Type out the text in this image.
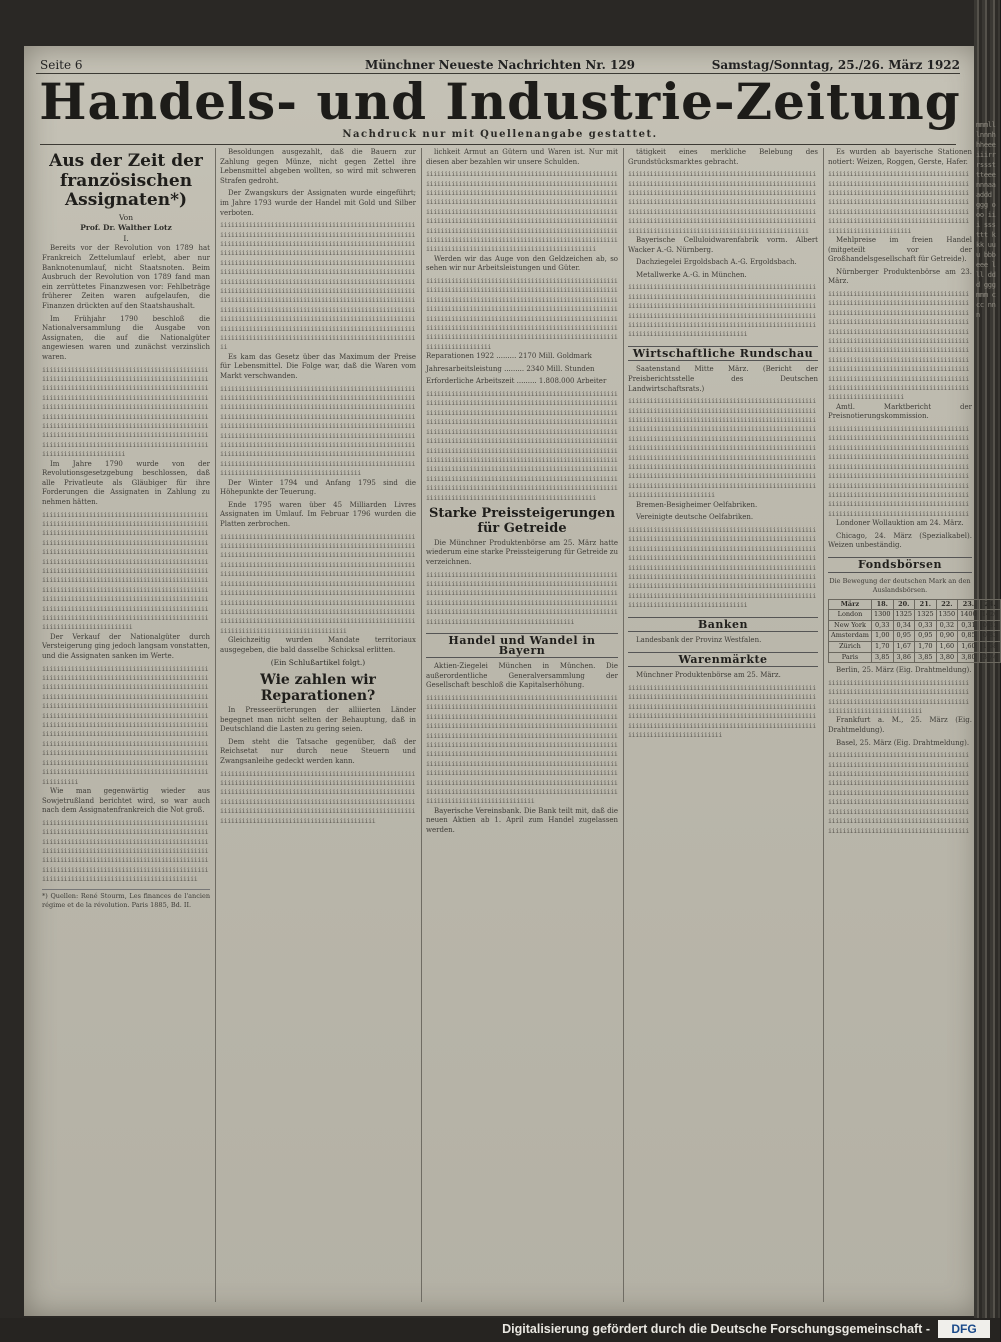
mmmlllnnnhhheeeiiirrrsssttteeennnaaaddd ggg ooo iii sss ttt kkk uuu bbb eee lll ddd ggg mmm ccc nnn
Seite 6	Münchner Neueste Nachrichten Nr. 129	Samstag/Sonntag, 25./26. März 1922
Handels- und Industrie-Zeitung
Nachdruck nur mit Quellenangabe gestattet.
Aus der Zeit der französischen Assignaten*)
Von
Prof. Dr. Walther Lotz
I.

Bereits vor der Revolution von 1789 hat Frankreich Zettelumlauf erlebt, aber nur Banknotenumlauf, nicht Staatsnoten. Beim Ausbruch der Revolution von 1789 fand man ein zerrüttetes Finanzwesen vor: Fehlbeträge früherer Zeiten waren aufgelaufen, die Finanzen drückten auf den Staatshaushalt.

Im Frühjahr 1790 beschloß die Nationalversammlung die Ausgabe von Assignaten, die auf die Nationalgüter angewiesen waren und zunächst verzinslich waren.

iiiiiiiiiiiiiiiiiiiiiiiiiiiiiiiiiiiiiiiiiiiiiiiiiiiiiiiiiiiiiiiiiiiiiiiiiiiiiiiiiiiiiiiiiiiiiiiiiiiiiiiiiiiiiiiiiiiiiiiiiiiiiiiiiiiiiiiiiiiiiiiiiiiiiiiiiiiiiiiiiiiiiiiiiiiiiiiiiiiiiiiiiiiiiiiiiiiiiiiiiiiiiiiiiiiiiiiiiiiiiiiiiiiiiiiiiiiiiiiiiiiiiiiiiiiiiiiiiiiiiiiiiiiiiiiiiiiiiiiiiiiiiiiiiiiiiiiiiiiiiiiiiiiiiiiiiiiiiiiiiiiiiiiiiiiiiiiiiiiiiiiiiiiiiiiiiiiiiiiiiiiiiiiiiiiiiiiiiiiiiiiiiiiiiiiiiiiiiiiiiiiiiiiiiiiiiiiiiiiiiiiiiiiiiiiiiiiii

Im Jahre 1790 wurde von der Revolutionsgesetzgebung beschlossen, daß alle Privatleute als Gläubiger für ihre Forderungen die Assignaten in Zahlung zu nehmen hätten.

iiiiiiiiiiiiiiiiiiiiiiiiiiiiiiiiiiiiiiiiiiiiiiiiiiiiiiiiiiiiiiiiiiiiiiiiiiiiiiiiiiiiiiiiiiiiiiiiiiiiiiiiiiiiiiiiiiiiiiiiiiiiiiiiiiiiiiiiiiiiiiiiiiiiiiiiiiiiiiiiiiiiiiiiiiiiiiiiiiiiiiiiiiiiiiiiiiiiiiiiiiiiiiiiiiiiiiiiiiiiiiiiiiiiiiiiiiiiiiiiiiiiiiiiiiiiiiiiiiiiiiiiiiiiiiiiiiiiiiiiiiiiiiiiiiiiiiiiiiiiiiiiiiiiiiiiiiiiiiiiiiiiiiiiiiiiiiiiiiiiiiiiiiiiiiiiiiiiiiiiiiiiiiiiiiiiiiiiiiiiiiiiiiiiiiiiiiiiiiiiiiiiiiiiiiiiiiiiiiiiiiiiiiiiiiiiiiiiiiiiiiiiiiiiiiiiiiiiiiiiiiiiiiiiiiiiiiiiiiiiiiiiiiiiiiiiiiiiiiiiiiiiiiiiiiiiiiiiiiiiiiiiiiiiiiiiiiiiiiiiiiiiiiiiiiiiiiiiiiiiiiiiiiiiiiiiiiiii

Der Verkauf der Nationalgüter durch Versteigerung ging jedoch langsam vonstatten, und die Assignaten sanken im Werte.

iiiiiiiiiiiiiiiiiiiiiiiiiiiiiiiiiiiiiiiiiiiiiiiiiiiiiiiiiiiiiiiiiiiiiiiiiiiiiiiiiiiiiiiiiiiiiiiiiiiiiiiiiiiiiiiiiiiiiiiiiiiiiiiiiiiiiiiiiiiiiiiiiiiiiiiiiiiiiiiiiiiiiiiiiiiiiiiiiiiiiiiiiiiiiiiiiiiiiiiiiiiiiiiiiiiiiiiiiiiiiiiiiiiiiiiiiiiiiiiiiiiiiiiiiiiiiiiiiiiiiiiiiiiiiiiiiiiiiiiiiiiiiiiiiiiiiiiiiiiiiiiiiiiiiiiiiiiiiiiiiiiiiiiiiiiiiiiiiiiiiiiiiiiiiiiiiiiiiiiiiiiiiiiiiiiiiiiiiiiiiiiiiiiiiiiiiiiiiiiiiiiiiiiiiiiiiiiiiiiiiiiiiiiiiiiiiiiiiiiiiiiiiiiiiiiiiiiiiiiiiiiiiiiiiiiiiiiiiiiiiiiiiiiiiiiiiiiiiiiiiiiiiiiiiiiiiiiiiiiiiiiiiiiiiiiiiiiiiiiiiiiiiiiiiiiiiiiiiiiiii

Wie man gegenwärtig wieder aus Sowjetrußland berichtet wird, so war auch nach dem Assignatenfrankreich die Not groß.

iiiiiiiiiiiiiiiiiiiiiiiiiiiiiiiiiiiiiiiiiiiiiiiiiiiiiiiiiiiiiiiiiiiiiiiiiiiiiiiiiiiiiiiiiiiiiiiiiiiiiiiiiiiiiiiiiiiiiiiiiiiiiiiiiiiiiiiiiiiiiiiiiiiiiiiiiiiiiiiiiiiiiiiiiiiiiiiiiiiiiiiiiiiiiiiiiiiiiiiiiiiiiiiiiiiiiiiiiiiiiiiiiiiiiiiiiiiiiiiiiiiiiiiiiiiiiiiiiiiiiiiiiiiiiiiiiiiiiiiiiiiiiiiiiiiiiiiiiiiiiiiiiiiiiiiiiiiiiii
*) Quellen: René Stourm, Les finances de l'ancien régime et de la révolution. Paris 1885, Bd. II.

Besoldungen ausgezahlt, daß die Bauern zur Zahlung gegen Münze, nicht gegen Zettel ihre Lebensmittel abgeben wollten, so wird mit schweren Strafen gedroht.

Der Zwangskurs der Assignaten wurde eingeführt; im Jahre 1793 wurde der Handel mit Gold und Silber verboten.

iiiiiiiiiiiiiiiiiiiiiiiiiiiiiiiiiiiiiiiiiiiiiiiiiiiiiiiiiiiiiiiiiiiiiiiiiiiiiiiiiiiiiiiiiiiiiiiiiiiiiiiiiiiiiiiiiiiiiiiiiiiiiiiiiiiiiiiiiiiiiiiiiiiiiiiiiiiiiiiiiiiiiiiiiiiiiiiiiiiiiiiiiiiiiiiiiiiiiiiiiiiiiiiiiiiiiiiiiiiiiiiiiiiiiiiiiiiiiiiiiiiiiiiiiiiiiiiiiiiiiiiiiiiiiiiiiiiiiiiiiiiiiiiiiiiiiiiiiiiiiiiiiiiiiiiiiiiiiiiiiiiiiiiiiiiiiiiiiiiiiiiiiiiiiiiiiiiiiiiiiiiiiiiiiiiiiiiiiiiiiiiiiiiiiiiiiiiiiiiiiiiiiiiiiiiiiiiiiiiiiiiiiiiiiiiiiiiiiiiiiiiiiiiiiiiiiiiiiiiiiiiiiiiiiiiiiiiiiiiiiiiiiiiiiiiiiiiiiiiiiiiiiiiiiiiiiiiiiiiiiiiiiiiiiiiiiiiiiiiiiiiiiiiiiiiiiiiiiiiiiiiiiiiiiiiiiiiiiiiiiiiiiiiiiiiiiiiiiiiiiiiiiiiiiiiiiiiiiiiiiiiiiiiiiiiiiiiiiiiiiiiiiiiiiiiiiiiiiiiiiiiiiiiiiiiiiiiiiiiiiiiiiiiiiiiiiiiiiiiiiiii

Es kam das Gesetz über das Maximum der Preise für Lebensmittel. Die Folge war, daß die Waren vom Markt verschwanden.

iiiiiiiiiiiiiiiiiiiiiiiiiiiiiiiiiiiiiiiiiiiiiiiiiiiiiiiiiiiiiiiiiiiiiiiiiiiiiiiiiiiiiiiiiiiiiiiiiiiiiiiiiiiiiiiiiiiiiiiiiiiiiiiiiiiiiiiiiiiiiiiiiiiiiiiiiiiiiiiiiiiiiiiiiiiiiiiiiiiiiiiiiiiiiiiiiiiiiiiiiiiiiiiiiiiiiiiiiiiiiiiiiiiiiiiiiiiiiiiiiiiiiiiiiiiiiiiiiiiiiiiiiiiiiiiiiiiiiiiiiiiiiiiiiiiiiiiiiiiiiiiiiiiiiiiiiiiiiiiiiiiiiiiiiiiiiiiiiiiiiiiiiiiiiiiiiiiiiiiiiiiiiiiiiiiiiiiiiiiiiiiiiiiiiiiiiiiiiiiiiiiiiiiiiiiiiiiiiiiiiiiiiiiiiiiiiiiiiiiiiiiiiiiiiiiiiiiiiiiiiiiiiiiiiiiiiiiiiiiiiiiiiiiiiiiiiiiiiiiiiiiiiiiiiiiiiiiiiiiiiiiii

Der Winter 1794 und Anfang 1795 sind die Höhepunkte der Teuerung.

Ende 1795 waren über 45 Milliarden Livres Assignaten im Umlauf. Im Februar 1796 wurden die Platten zerbrochen.

iiiiiiiiiiiiiiiiiiiiiiiiiiiiiiiiiiiiiiiiiiiiiiiiiiiiiiiiiiiiiiiiiiiiiiiiiiiiiiiiiiiiiiiiiiiiiiiiiiiiiiiiiiiiiiiiiiiiiiiiiiiiiiiiiiiiiiiiiiiiiiiiiiiiiiiiiiiiiiiiiiiiiiiiiiiiiiiiiiiiiiiiiiiiiiiiiiiiiiiiiiiiiiiiiiiiiiiiiiiiiiiiiiiiiiiiiiiiiiiiiiiiiiiiiiiiiiiiiiiiiiiiiiiiiiiiiiiiiiiiiiiiiiiiiiiiiiiiiiiiiiiiiiiiiiiiiiiiiiiiiiiiiiiiiiiiiiiiiiiiiiiiiiiiiiiiiiiiiiiiiiiiiiiiiiiiiiiiiiiiiiiiiiiiiiiiiiiiiiiiiiiiiiiiiiiiiiiiiiiiiiiiiiiiiiiiiiiiiiiiiiiiiiiiiiiiiiiiiiiiiiiiiiiiiiiiiiiiiiiiiiiiiiiiiiiiiiiiiiiiiiiiiiiiiiiiiiiiiiiiiiiiiiiiiiiiiiiiiiiiiiiiiiiiiiiiiiiiiiiiiiiiiiiiiiiiiii

Gleichzeitig wurden Mandate territoriaux ausgegeben, die bald dasselbe Schicksal erlitten.

(Ein Schlußartikel folgt.)
Wie zahlen wir Reparationen?

In Presseerörterungen der alliierten Länder begegnet man nicht selten der Behauptung, daß in Deutschland die Lasten zu gering seien.

Dem steht die Tatsache gegenüber, daß der Reichsetat nur durch neue Steuern und Zwangsanleihe gedeckt werden kann.

iiiiiiiiiiiiiiiiiiiiiiiiiiiiiiiiiiiiiiiiiiiiiiiiiiiiiiiiiiiiiiiiiiiiiiiiiiiiiiiiiiiiiiiiiiiiiiiiiiiiiiiiiiiiiiiiiiiiiiiiiiiiiiiiiiiiiiiiiiiiiiiiiiiiiiiiiiiiiiiiiiiiiiiiiiiiiiiiiiiiiiiiiiiiiiiiiiiiiiiiiiiiiiiiiiiiiiiiiiiiiiiiiiiiiiiiiiiiiiiiiiiiiiiiiiiiiiiiiiiiiiiiiiiiiiiiiiiiiiiiiiiiiiiiiiiiiiiiiiiiiiiiiiiiiiiii

lichkeit Armut an Gütern und Waren ist. Nur mit diesen aber bezahlen wir unsere Schulden.

iiiiiiiiiiiiiiiiiiiiiiiiiiiiiiiiiiiiiiiiiiiiiiiiiiiiiiiiiiiiiiiiiiiiiiiiiiiiiiiiiiiiiiiiiiiiiiiiiiiiiiiiiiiiiiiiiiiiiiiiiiiiiiiiiiiiiiiiiiiiiiiiiiiiiiiiiiiiiiiiiiiiiiiiiiiiiiiiiiiiiiiiiiiiiiiiiiiiiiiiiiiiiiiiiiiiiiiiiiiiiiiiiiiiiiiiiiiiiiiiiiiiiiiiiiiiiiiiiiiiiiiiiiiiiiiiiiiiiiiiiiiiiiiiiiiiiiiiiiiiiiiiiiiiiiiiiiiiiiiiiiiiiiiiiiiiiiiiiiiiiiiiiiiiiiiiiiiiiiiiiiiiiiiiiiiiiiiiiiiiiiiiiiiiiiiiiiiiiiiiiiiiiiiiiiiiiiiiiiiiiiiiiiiiiiiiiiiiiiiiiiiiiiiiiiiiiiiiiiiiiiiiiiiiiii

Werden wir das Auge von den Geldzeichen ab, so sehen wir nur Arbeitsleistungen und Güter.

iiiiiiiiiiiiiiiiiiiiiiiiiiiiiiiiiiiiiiiiiiiiiiiiiiiiiiiiiiiiiiiiiiiiiiiiiiiiiiiiiiiiiiiiiiiiiiiiiiiiiiiiiiiiiiiiiiiiiiiiiiiiiiiiiiiiiiiiiiiiiiiiiiiiiiiiiiiiiiiiiiiiiiiiiiiiiiiiiiiiiiiiiiiiiiiiiiiiiiiiiiiiiiiiiiiiiiiiiiiiiiiiiiiiiiiiiiiiiiiiiiiiiiiiiiiiiiiiiiiiiiiiiiiiiiiiiiiiiiiiiiiiiiiiiiiiiiiiiiiiiiiiiiiiiiiiiiiiiiiiiiiiiiiiiiiiiiiiiiiiiiiiiiiiiiiiiiiiiiiiiiiiiiiiiiiiiiiiiiiiiiiiiiiii

Reparationen 1922 ......... 2170 Mill. Goldmark

Jahresarbeitsleistung ......... 2340 Mill. Stunden

Erforderliche Arbeitszeit ......... 1.808.000 Arbeiter

iiiiiiiiiiiiiiiiiiiiiiiiiiiiiiiiiiiiiiiiiiiiiiiiiiiiiiiiiiiiiiiiiiiiiiiiiiiiiiiiiiiiiiiiiiiiiiiiiiiiiiiiiiiiiiiiiiiiiiiiiiiiiiiiiiiiiiiiiiiiiiiiiiiiiiiiiiiiiiiiiiiiiiiiiiiiiiiiiiiiiiiiiiiiiiiiiiiiiiiiiiiiiiiiiiiiiiiiiiiiiiiiiiiiiiiiiiiiiiiiiiiiiiiiiiiiiiiiiiiiiiiiiiiiiiiiiiiiiiiiiiiiiiiiiiiiiiiiiiiiiiiiiiiiiiiiiiiiiiiiiiiiiiiiiiiiiiiiiiiiiiiiiiiiiiiiiiiiiiiiiiiiiiiiiiiiiiiiiiiiiiiiiiiiiiiiiiiiiiiiiiiiiiiiiiiiiiiiiiiiiiiiiiiiiiiiiiiiiiiiiiiiiiiiiiiiiiiiiiiiiiiiiiiiiiiiiiiiiiiiiiiiiiiiiiiiiiiiiiiiiiiiiiiiiiiiiiiiiiiiiiiiiiiiiiiiiiiiiiiiiiiiiiiiiiiiiiiiiiiiiiiiiiiiiiiiiiiiiiiiiiiiiiiiiiiiiiiiiiiiiiiiiiiiiiiiiiiiiiiiiiiiiiiiii
Starke Preissteigerungen für Getreide

Die Münchner Produktenbörse am 25. März hatte wiederum eine starke Preissteigerung für Getreide zu verzeichnen.

iiiiiiiiiiiiiiiiiiiiiiiiiiiiiiiiiiiiiiiiiiiiiiiiiiiiiiiiiiiiiiiiiiiiiiiiiiiiiiiiiiiiiiiiiiiiiiiiiiiiiiiiiiiiiiiiiiiiiiiiiiiiiiiiiiiiiiiiiiiiiiiiiiiiiiiiiiiiiiiiiiiiiiiiiiiiiiiiiiiiiiiiiiiiiiiiiiiiiiiiiiiiiiiiiiiiiiiiiiiiiiiiiiiiiiiiiiiiiiiiiiiiiiiiiiiiiiiiiiiiiiiiiiiiiiiiiiiiiiiiiiiiiiiiiiiiiiiiiiiiiiiiii
Handel und Wandel in Bayern

Aktien-Ziegelei München in München. Die außerordentliche Generalversammlung der Gesellschaft beschloß die Kapitalserhöhung.

iiiiiiiiiiiiiiiiiiiiiiiiiiiiiiiiiiiiiiiiiiiiiiiiiiiiiiiiiiiiiiiiiiiiiiiiiiiiiiiiiiiiiiiiiiiiiiiiiiiiiiiiiiiiiiiiiiiiiiiiiiiiiiiiiiiiiiiiiiiiiiiiiiiiiiiiiiiiiiiiiiiiiiiiiiiiiiiiiiiiiiiiiiiiiiiiiiiiiiiiiiiiiiiiiiiiiiiiiiiiiiiiiiiiiiiiiiiiiiiiiiiiiiiiiiiiiiiiiiiiiiiiiiiiiiiiiiiiiiiiiiiiiiiiiiiiiiiiiiiiiiiiiiiiiiiiiiiiiiiiiiiiiiiiiiiiiiiiiiiiiiiiiiiiiiiiiiiiiiiiiiiiiiiiiiiiiiiiiiiiiiiiiiiiiiiiiiiiiiiiiiiiiiiiiiiiiiiiiiiiiiiiiiiiiiiiiiiiiiiiiiiiiiiiiiiiiiiiiiiiiiiiiiiiiiiiiiiiiiiiiiiiiiiiiiiiiiiiiiiiiiiiiiiiiiiiiiiiiiiiiiiiiiiiiiiiiiiiiiiiiiiiiiiiiiiiiiiiiiiiiiiiiiiiiiiiiiiiiiiiiiiiiiiiiiiiiiiiiiiiiiiiiiiiiiiii

Bayerische Vereinsbank. Die Bank teilt mit, daß die neuen Aktien ab 1. April zum Handel zugelassen werden.

tätigkeit eines merkliche Belebung des Grundstücksmarktes gebracht.

iiiiiiiiiiiiiiiiiiiiiiiiiiiiiiiiiiiiiiiiiiiiiiiiiiiiiiiiiiiiiiiiiiiiiiiiiiiiiiiiiiiiiiiiiiiiiiiiiiiiiiiiiiiiiiiiiiiiiiiiiiiiiiiiiiiiiiiiiiiiiiiiiiiiiiiiiiiiiiiiiiiiiiiiiiiiiiiiiiiiiiiiiiiiiiiiiiiiiiiiiiiiiiiiiiiiiiiiiiiiiiiiiiiiiiiiiiiiiiiiiiiiiiiiiiiiiiiiiiiiiiiiiiiiiiiiiiiiiiiiiiiiiiiiiiiiiiiiiiiiiiiiiiiiiiiiiiiiiiiiiiiiiiiiiiiiiiiiiiiiiiiiiiiiiiiiiiiiiiiiii

Bayerische Celluloidwarenfabrik vorm. Albert Wacker A.-G. Nürnberg.

Dachziegelei Ergoldsbach A.-G. Ergoldsbach.

Metallwerke A.-G. in München.

iiiiiiiiiiiiiiiiiiiiiiiiiiiiiiiiiiiiiiiiiiiiiiiiiiiiiiiiiiiiiiiiiiiiiiiiiiiiiiiiiiiiiiiiiiiiiiiiiiiiiiiiiiiiiiiiiiiiiiiiiiiiiiiiiiiiiiiiiiiiiiiiiiiiiiiiiiiiiiiiiiiiiiiiiiiiiiiiiiiiiiiiiiiiiiiiiiiiiiiiiiiiiiiiiiiiiiiiiiiiiiiiiiiiiiiiiiiiiiiiiiiiiiiiiiiiiiiiiiiiiiiiiiiiiiiiiiiiiiiiiiiiiiiiiiiii
Wirtschaftliche Rundschau

Saatenstand Mitte März. (Bericht der Preisberichtsstelle des Deutschen Landwirtschaftsrats.)

iiiiiiiiiiiiiiiiiiiiiiiiiiiiiiiiiiiiiiiiiiiiiiiiiiiiiiiiiiiiiiiiiiiiiiiiiiiiiiiiiiiiiiiiiiiiiiiiiiiiiiiiiiiiiiiiiiiiiiiiiiiiiiiiiiiiiiiiiiiiiiiiiiiiiiiiiiiiiiiiiiiiiiiiiiiiiiiiiiiiiiiiiiiiiiiiiiiiiiiiiiiiiiiiiiiiiiiiiiiiiiiiiiiiiiiiiiiiiiiiiiiiiiiiiiiiiiiiiiiiiiiiiiiiiiiiiiiiiiiiiiiiiiiiiiiiiiiiiiiiiiiiiiiiiiiiiiiiiiiiiiiiiiiiiiiiiiiiiiiiiiiiiiiiiiiiiiiiiiiiiiiiiiiiiiiiiiiiiiiiiiiiiiiiiiiiiiiiiiiiiiiiiiiiiiiiiiiiiiiiiiiiiiiiiiiiiiiiiiiiiiiiiiiiiiiiiiiiiiiiiiiiiiiiiiiiiiiiiiiiiiiiiiiiiiiiiiiiiiiiiiiiiiiiiiiiiiiiiiiiiiiiiiiiiiiiiiiiiiiiiiii

Bremen-Besigheimer Oelfabriken.

Vereinigte deutsche Oelfabriken.

iiiiiiiiiiiiiiiiiiiiiiiiiiiiiiiiiiiiiiiiiiiiiiiiiiiiiiiiiiiiiiiiiiiiiiiiiiiiiiiiiiiiiiiiiiiiiiiiiiiiiiiiiiiiiiiiiiiiiiiiiiiiiiiiiiiiiiiiiiiiiiiiiiiiiiiiiiiiiiiiiiiiiiiiiiiiiiiiiiiiiiiiiiiiiiiiiiiiiiiiiiiiiiiiiiiiiiiiiiiiiiiiiiiiiiiiiiiiiiiiiiiiiiiiiiiiiiiiiiiiiiiiiiiiiiiiiiiiiiiiiiiiiiiiiiiiiiiiiiiiiiiiiiiiiiiiiiiiiiiiiiiiiiiiiiiiiiiiiiiiiiiiiiiiiiiiiiiiiiiiiiiiiiiiiiiiiiiiiiiiiiiiiiiiiiiiiiiiiiiiiiiiiiiiiiiiiiiiiiiiiiiiiiiiiiiiiiiiiiiiiiiiiiiii
Banken

Landesbank der Provinz Westfalen.

Warenmärkte

Münchner Produktenbörse am 25. März.

iiiiiiiiiiiiiiiiiiiiiiiiiiiiiiiiiiiiiiiiiiiiiiiiiiiiiiiiiiiiiiiiiiiiiiiiiiiiiiiiiiiiiiiiiiiiiiiiiiiiiiiiiiiiiiiiiiiiiiiiiiiiiiiiiiiiiiiiiiiiiiiiiiiiiiiiiiiiiiiiiiiiiiiiiiiiiiiiiiiiiiiiiiiiiiiiiiiiiiiiiiiiiiiiiiiiiiiiiiiiiiiiiiiiiiiiiiiiiiiiiiiiiiiiiiiiiiiiiiiiiiiiiiiiiiiiiiiiiiiiiiiiii

Es wurden ab bayerische Stationen notiert: Weizen, Roggen, Gerste, Hafer.

iiiiiiiiiiiiiiiiiiiiiiiiiiiiiiiiiiiiiiiiiiiiiiiiiiiiiiiiiiiiiiiiiiiiiiiiiiiiiiiiiiiiiiiiiiiiiiiiiiiiiiiiiiiiiiiiiiiiiiiiiiiiiiiiiiiiiiiiiiiiiiiiiiiiiiiiiiiiiiiiiiiiiiiiiiiiiiiiiiiiiiiiiiiiiiiiiiiiiiiiiiiiiiiiiiiiiiiiiiiiiiiiiiiiiiiiiiiiiiiiiiiiiiiiiiiiiiiii

Mehlpreise im freien Handel (mitgeteilt vor der Großhandelsgesellschaft für Getreide).

Nürnberger Produktenbörse am 23. März.

iiiiiiiiiiiiiiiiiiiiiiiiiiiiiiiiiiiiiiiiiiiiiiiiiiiiiiiiiiiiiiiiiiiiiiiiiiiiiiiiiiiiiiiiiiiiiiiiiiiiiiiiiiiiiiiiiiiiiiiiiiiiiiiiiiiiiiiiiiiiiiiiiiiiiiiiiiiiiiiiiiiiiiiiiiiiiiiiiiiiiiiiiiiiiiiiiiiiiiiiiiiiiiiiiiiiiiiiiiiiiiiiiiiiiiiiiiiiiiiiiiiiiiiiiiiiiiiiiiiiiiiiiiiiiiiiiiiiiiiiiiiiiiiiiiiiiiiiiiiiiiiiiiiiiiiiiiiiiiiiiiiiiiiiiiiiiiiiiiiiiiiiiiiiiiiiiiiiiiiiiiiiiiiiiiiiiiiiiiiiiiiiiiiiiiiiiiiiiiiiiiiiiiiiiiiiiiiiiiiiiiiiiiiiiiiiiiiiiiiiiiiiiiiiii

Amtl. Marktbericht der Preisnotierungskommission.

iiiiiiiiiiiiiiiiiiiiiiiiiiiiiiiiiiiiiiiiiiiiiiiiiiiiiiiiiiiiiiiiiiiiiiiiiiiiiiiiiiiiiiiiiiiiiiiiiiiiiiiiiiiiiiiiiiiiiiiiiiiiiiiiiiiiiiiiiiiiiiiiiiiiiiiiiiiiiiiiiiiiiiiiiiiiiiiiiiiiiiiiiiiiiiiiiiiiiiiiiiiiiiiiiiiiiiiiiiiiiiiiiiiiiiiiiiiiiiiiiiiiiiiiiiiiiiiiiiiiiiiiiiiiiiiiiiiiiiiiiiiiiiiiiiiiiiiiiiiiiiiiiiiiiiiiiiiiiiiiiiiiiiiiiiiiiiiiiiiiiiiiiiiiiiiiiiiiiiiiiiiiiiiiiiiiiiiiiiiiiiiiiiiiii

Londoner Wollauktion am 24. März.

Chicago, 24. März (Spezialkabel). Weizen unbeständig.

Fondsbörsen
Die Bewegung der deutschen Mark an den Auslandsbörsen.
März	18.	20.	21.	22.	23.	24.
London	1300	1325	1325	1350	1400	1420
New York	0,33	0,34	0,33	0,32	0,31	0,31
Amsterdam	1,00	0,95	0,95	0,90	0,85	0,83
Zürich	1,70	1,67	1,70	1,60	1,60	1,58
Paris	3,85	3,86	3,85	3,80	3,80	3,74

Berlin, 25. März (Eig. Drahtmeldung).

iiiiiiiiiiiiiiiiiiiiiiiiiiiiiiiiiiiiiiiiiiiiiiiiiiiiiiiiiiiiiiiiiiiiiiiiiiiiiiiiiiiiiiiiiiiiiiiiiiiiiiiiiiiiiiiiiiiiiiiiiiiiiiiiiiiiiiiiiiiiiii

Frankfurt a. M., 25. März (Eig. Drahtmeldung).

Basel, 25. März (Eig. Drahtmeldung).

iiiiiiiiiiiiiiiiiiiiiiiiiiiiiiiiiiiiiiiiiiiiiiiiiiiiiiiiiiiiiiiiiiiiiiiiiiiiiiiiiiiiiiiiiiiiiiiiiiiiiiiiiiiiiiiiiiiiiiiiiiiiiiiiiiiiiiiiiiiiiiiiiiiiiiiiiiiiiiiiiiiiiiiiiiiiiiiiiiiiiiiiiiiiiiiiiiiiiiiiiiiiiiiiiiiiiiiiiiiiiiiiiiiiiiiiiiiiiiiiiiiiiiiiiiiiiiiiiiiiiiiiiiiiiiiiiiiiiiiiiiiiiiiiiiiiiiiiiiiiiiiiiiiiiiiiiiiiiiiiiiiiiiiiiiiiiiiiiiiiiiiiiiiiiii
Digitalisierung gefördert durch die Deutsche Forschungsgemeinschaft -	DFG
